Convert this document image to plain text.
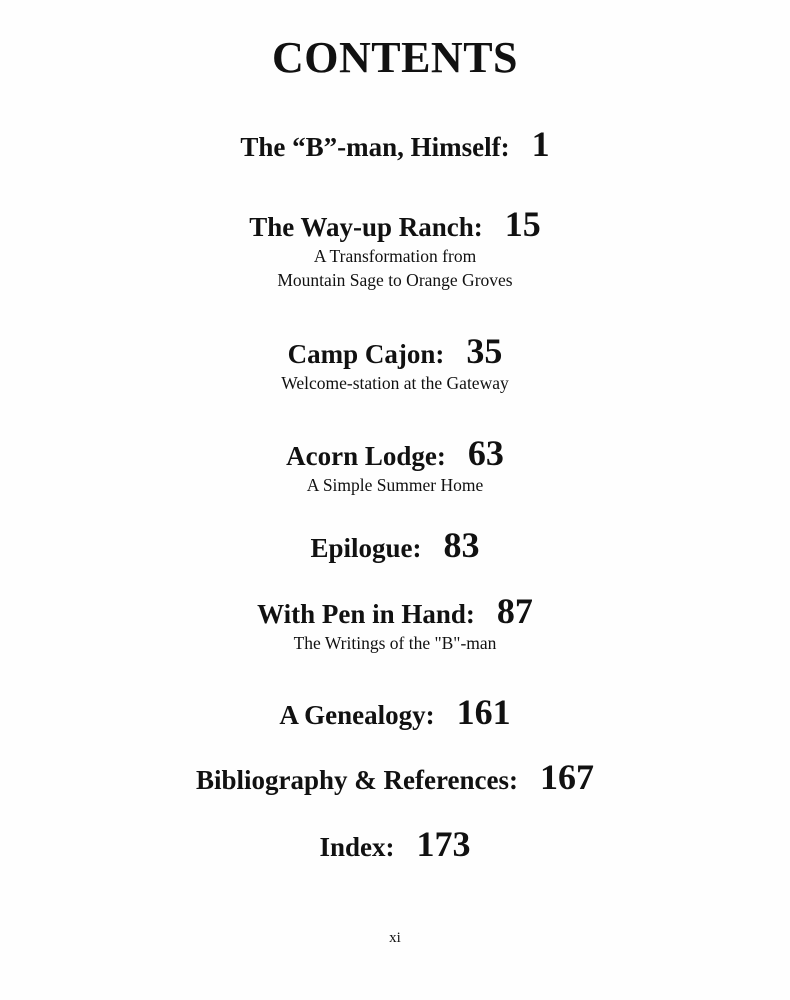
CONTENTS
The “B”-man, Himself: 1
The Way-up Ranch: 15
A Transformation from
Mountain Sage to Orange Groves
Camp Cajon: 35
Welcome-station at the Gateway
Acorn Lodge: 63
A Simple Summer Home
Epilogue: 83
With Pen in Hand: 87
The Writings of the "B"-man
A Genealogy: 161
Bibliography & References: 167
Index: 173
xi
